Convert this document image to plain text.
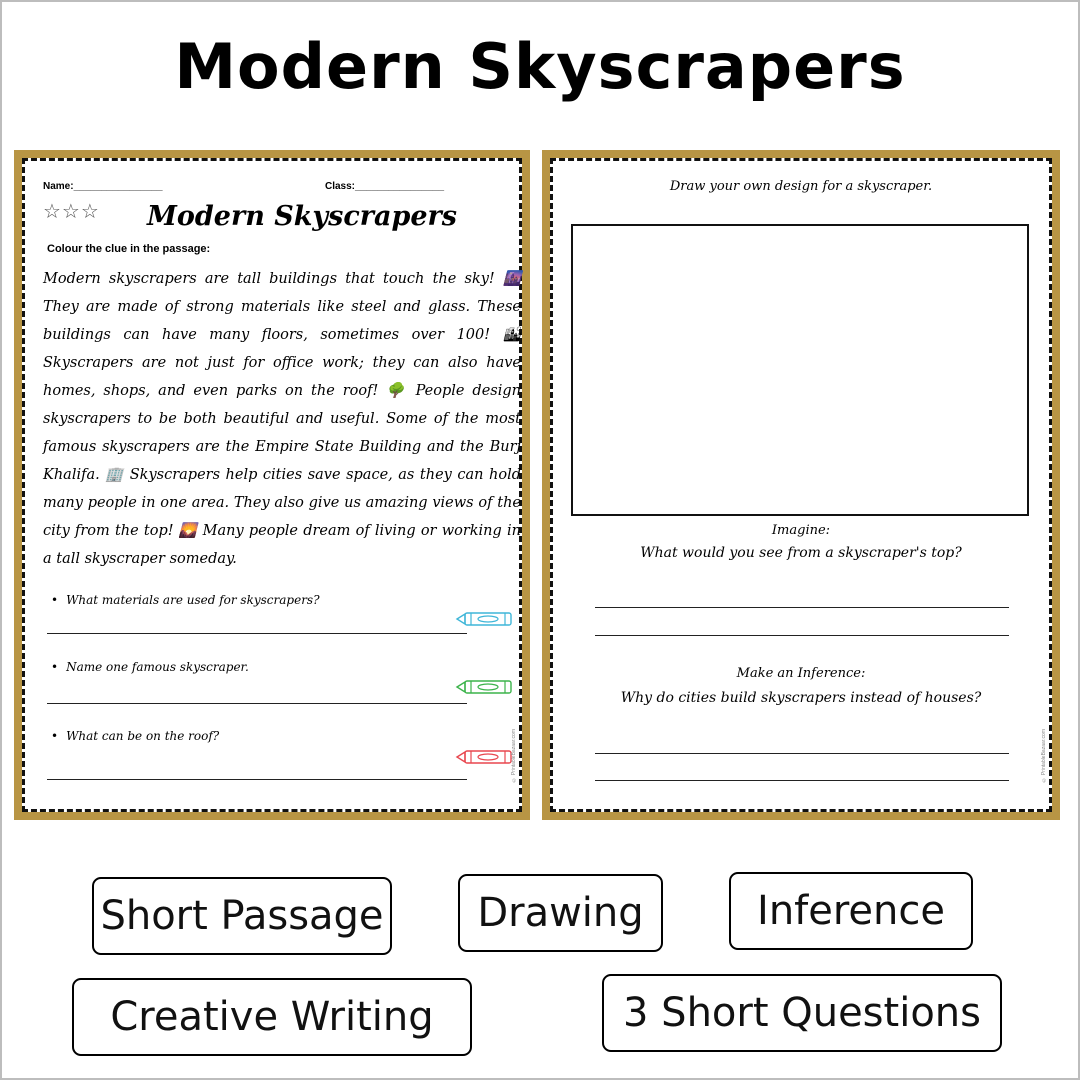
Modern Skyscrapers
Name:________________	Class:________________
☆☆☆	Modern Skyscrapers
Colour the clue in the passage:
Modern skyscrapers are tall buildings that touch the sky! 🌆 They are made of strong materials like steel and glass. These buildings can have many floors, sometimes over 100! 🏙 Skyscrapers are not just for office work; they can also have homes, shops, and even parks on the roof! 🌳 People design skyscrapers to be both beautiful and useful. Some of the most famous skyscrapers are the Empire State Building and the Burj Khalifa. 🏢 Skyscrapers help cities save space, as they can hold many people in one area. They also give us amazing views of the city from the top! 🌄 Many people dream of living or working in a tall skyscraper someday.
• What materials are used for skyscrapers?
• Name one famous skyscraper.
• What can be on the roof?	© PrintableBazaar.com
Draw your own design for a skyscraper.
Imagine:
What would you see from a skyscraper's top?
Make an Inference:
Why do cities build skyscrapers instead of houses?
© PrintableBazaar.com
Short Passage	Drawing	Inference
Creative Writing	3 Short Questions
